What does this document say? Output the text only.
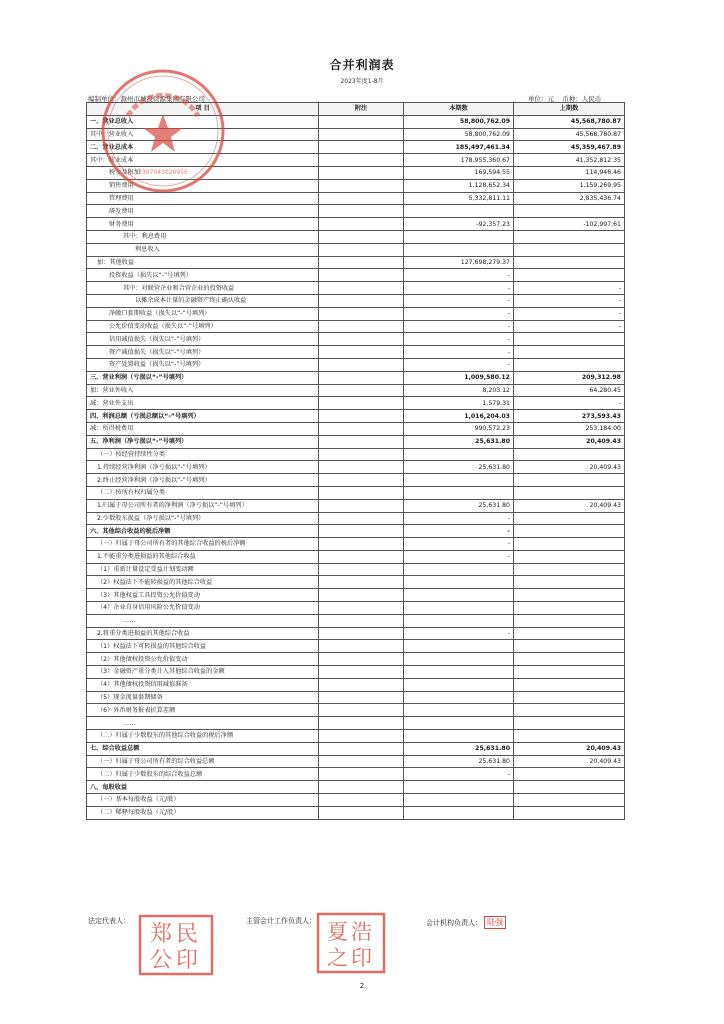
合并利润表
2023年度1-8月
编制单位：滁州市城投资源集团有限公司	单位：元 币种：人民币
项 目	附注	本期数	上期数
一、营业总收入		58,800,762.09	45,568,780.87
其中：营业收入		58,800,762.09	45,568,780.87
二、营业总成本		185,497,461.34	45,359,467.89
其中：营业成本		178,955,360.67	41,352,812.35
税金及附加		169,594.55	114,946.46
销售费用		1,128,652.34	1,159,269.95
管理费用		5,332,811.11	2,835,436.74
研发费用			
财务费用		-92,357.23	-102,997.61
其中：利息费用			
利息收入			
加：其他收益		127,698,279.37	
投资收益（损失以“-”号填列）		-	
其中：对联营企业和合营企业的投资收益		-	-
以摊余成本计量的金融资产终止确认收益		-	-
净敞口套期收益（损失以“-”号填列）		-	-
公允价值变动收益（损失以“-”号填列）		-	-
信用减值损失（损失以“-”号填列）		-	
资产减值损失（损失以“-”号填列）		-	
资产处置收益（损失以“-”号填列）		-	
三、营业利润（亏损以“-”号填列）		1,009,580.12	209,312.98
加：营业外收入		8,203.12	64,280.45
减：营业外支出		1,579.31	-
四、利润总额（亏损总额以“-”号填列）		1,016,204.03	273,593.43
减：所得税费用		990,572.23	253,184.00
五、净利润（净亏损以“-”号填列）		25,631.80	20,409.43
（一）按经营持续性分类			
1.持续经营净利润（净亏损以“-”号填列）		25,631.80	20,409.43
2.终止经营净利润（净亏损以“-”号填列）			
（二）按所有权归属分类			
1.归属于母公司所有者的净利润（净亏损以“-”号填列）		25,631.80	20,409.43
2.少数股东损益（净亏损以“-”号填列）		-	
六、其他综合收益的税后净额		-	
（一）归属于母公司所有者的其他综合收益的税后净额		-	
1.不能重分类进损益的其他综合收益		-	
（1）重新计量设定受益计划变动额			
（2）权益法下不能转损益的其他综合收益			
（3）其他权益工具投资公允价值变动			
（4）企业自身信用风险公允价值变动			
……			
2.将重分类进损益的其他综合收益		-	
（1）权益法下可转损益的其他综合收益			
（2）其他债权投资公允价值变动			
（3）金融资产重分类计入其他综合收益的金额			
（4）其他债权投资信用减值准备			
（5）现金流量套期储备			
（6）外币财务报表折算差额			
……			
（二）归属于少数股东的其他综合收益的税后净额			
七、综合收益总额		25,631.80	20,409.43
（一）归属于母公司所有者的综合收益总额		25,631.80	20,409.43
（二）归属于少数股东的综合收益总额		-	
八、每股收益			
（一）基本每股收益（元/股）			
（二）稀释每股收益（元/股）			
法定代表人：	主管会计工作负责人：	会计机构负责人： 陆强
3307043026956
郑民
公印
夏浩
之印
2
